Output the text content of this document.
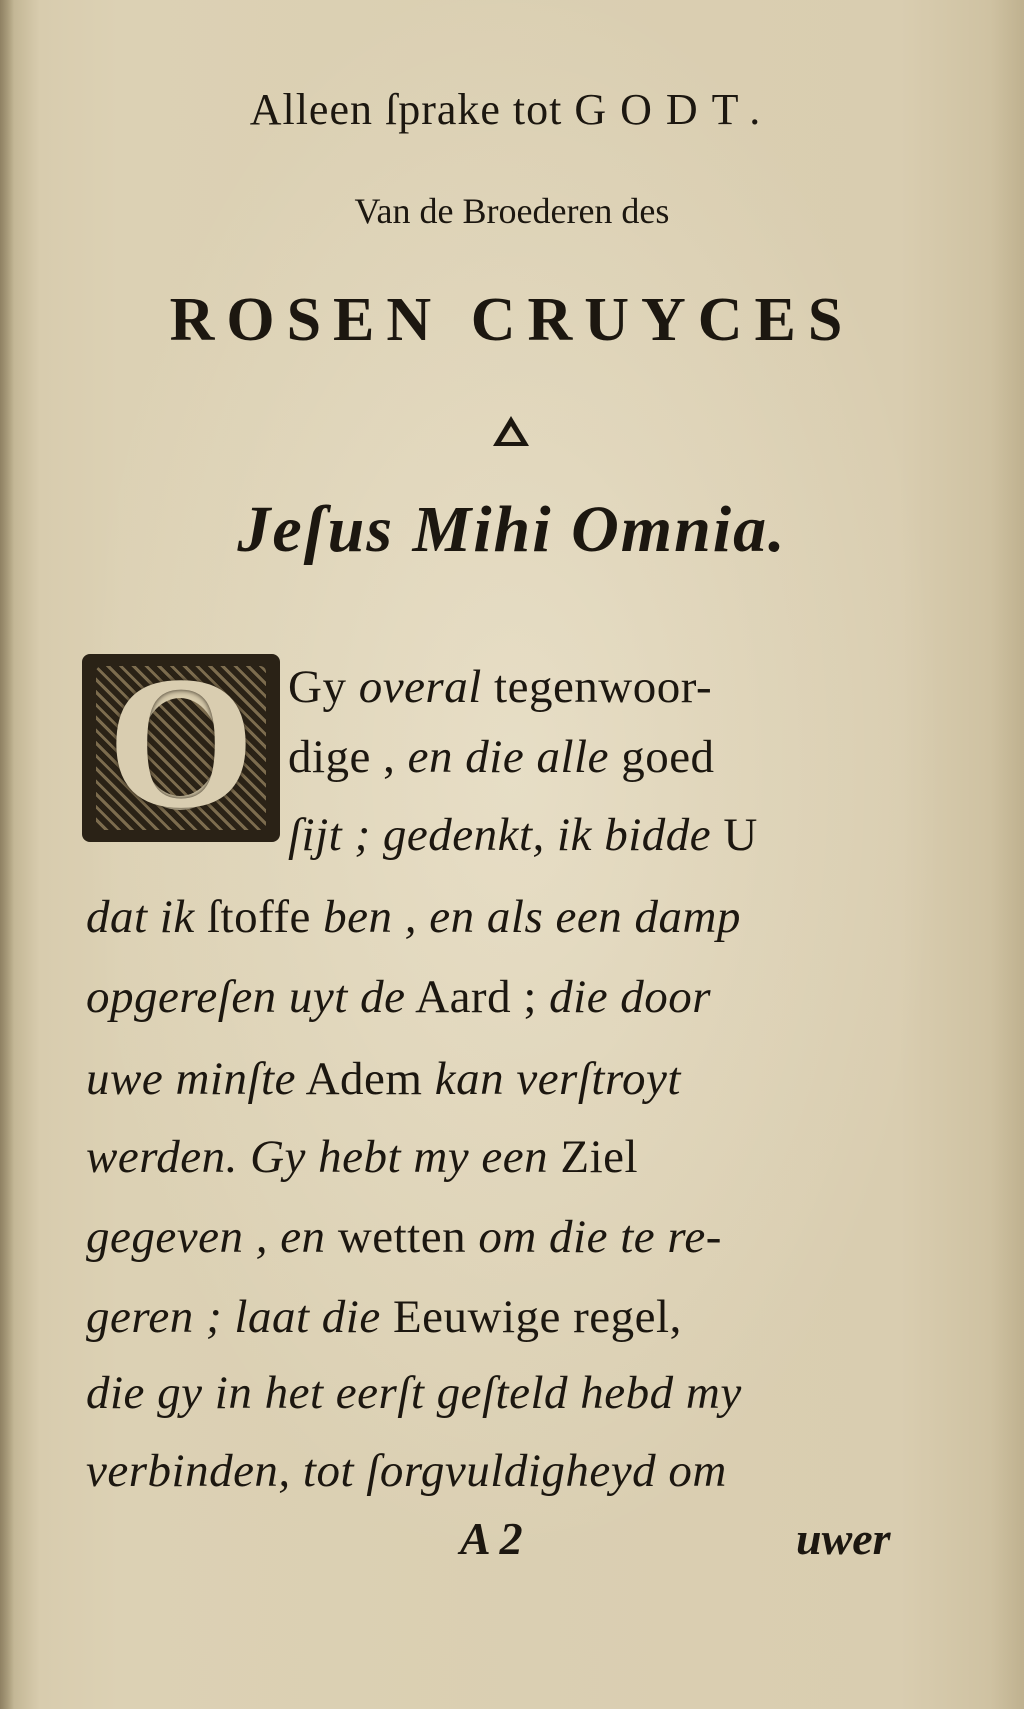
Alleen ſprake tot GODT.
Van de Broederen des
ROSEN CRUYCES
Jeſus Mihi Omnia.
O Gy overal tegenwoor-
dige , en die alle goed
ſijt ; gedenkt, ik bidde U
dat ik ſtoffe ben , en als een damp
opgereſen uyt de Aard ; die door
uwe minſte Adem kan verſtroyt
werden. Gy hebt my een Ziel
gegeven , en wetten om die te re-
geren ; laat die Eeuwige regel,
die gy in het eerſt geſteld hebd my
verbinden, tot ſorgvuldigheyd om
A 2	uwer
